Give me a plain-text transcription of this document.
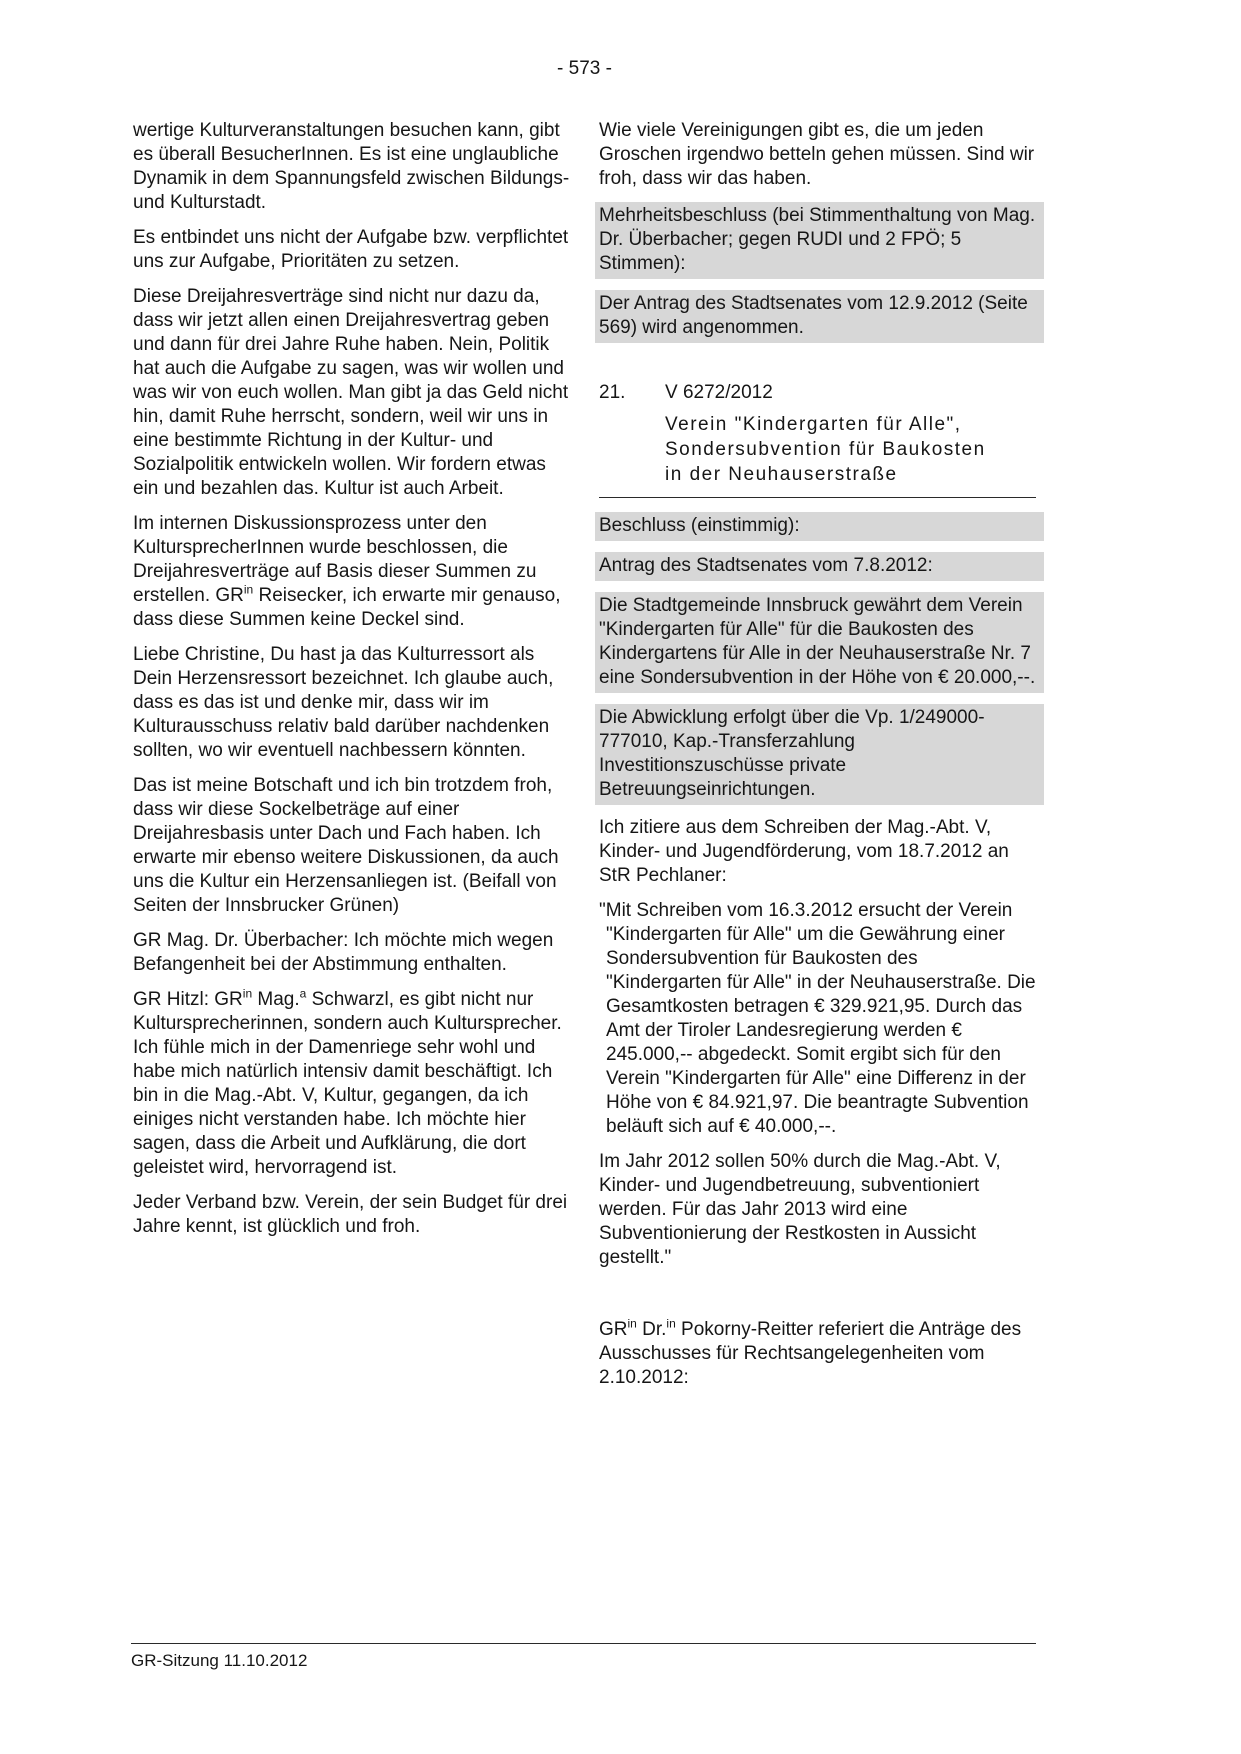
- 573 -

wertige Kulturveranstaltungen besuchen kann, gibt es überall BesucherInnen. Es ist eine unglaubliche Dynamik in dem Spannungsfeld zwischen Bildungs- und Kulturstadt.

Es entbindet uns nicht der Aufgabe bzw. verpflichtet uns zur Aufgabe, Prioritäten zu setzen.

Diese Dreijahresverträge sind nicht nur dazu da, dass wir jetzt allen einen Dreijahresvertrag geben und dann für drei Jahre Ruhe haben. Nein, Politik hat auch die Aufgabe zu sagen, was wir wollen und was wir von euch wollen. Man gibt ja das Geld nicht hin, damit Ruhe herrscht, sondern, weil wir uns in eine bestimmte Richtung in der Kultur- und Sozialpolitik entwickeln wollen. Wir fordern etwas ein und bezahlen das. Kultur ist auch Arbeit.

Im internen Diskussionsprozess unter den KultursprecherInnen wurde beschlossen, die Dreijahresverträge auf Basis dieser Summen zu erstellen. $GR^{in}$ Reisecker, ich erwarte mir genauso, dass diese Summen keine Deckel sind.

Liebe Christine, Du hast ja das Kulturressort als Dein Herzensressort bezeichnet. Ich glaube auch, dass es das ist und denke mir, dass wir im Kulturausschuss relativ bald darüber nachdenken sollten, wo wir eventuell nachbessern könnten.

Das ist meine Botschaft und ich bin trotzdem froh, dass wir diese Sockelbeträge auf einer Dreijahresbasis unter Dach und Fach haben. Ich erwarte mir ebenso weitere Diskussionen, da auch uns die Kultur ein Herzensanliegen ist. (Beifall von Seiten der Innsbrucker Grünen)

GR Mag. Dr. Überbacher: Ich möchte mich wegen Befangenheit bei der Abstimmung enthalten.

GR Hitzl: $GR^{in}$ Mag.$^a$ Schwarzl, es gibt nicht nur Kultursprecherinnen, sondern auch Kultursprecher. Ich fühle mich in der Damenriege sehr wohl und habe mich natürlich intensiv damit beschäftigt. Ich bin in die Mag.-Abt. V, Kultur, gegangen, da ich einiges nicht verstanden habe. Ich möchte hier sagen, dass die Arbeit und Aufklärung, die dort geleistet wird, hervorragend ist.

Jeder Verband bzw. Verein, der sein Budget für drei Jahre kennt, ist glücklich und froh.

Wie viele Vereinigungen gibt es, die um jeden Groschen irgendwo betteln gehen müssen. Sind wir froh, dass wir das haben.

Mehrheitsbeschluss (bei Stimmenthaltung von Mag. Dr. Überbacher; gegen RUDI und 2 FPÖ; 5 Stimmen):

Der Antrag des Stadtsenates vom 12.9.2012 (Seite 569) wird angenommen.

21.	V 6272/2012
Verein "Kindergarten für Alle",
Sondersubvention für Baukosten
in der Neuhauserstraße

Beschluss (einstimmig):

Antrag des Stadtsenates vom 7.8.2012:

Die Stadtgemeinde Innsbruck gewährt dem Verein "Kindergarten für Alle" für die Baukosten des Kindergartens für Alle in der Neuhauserstraße Nr. 7 eine Sondersubvention in der Höhe von € 20.000,--.

Die Abwicklung erfolgt über die Vp. 1/249000-777010, Kap.-Transferzahlung Investitionszuschüsse private Betreuungseinrichtungen.

Ich zitiere aus dem Schreiben der Mag.-Abt. V, Kinder- und Jugendförderung, vom 18.7.2012 an StR Pechlaner:

"Mit Schreiben vom 16.3.2012 ersucht der Verein "Kindergarten für Alle" um die Gewährung einer Sondersubvention für Baukosten des "Kindergarten für Alle" in der Neuhauserstraße. Die Gesamtkosten betragen € 329.921,95. Durch das Amt der Tiroler Landesregierung werden € 245.000,-- abgedeckt. Somit ergibt sich für den Verein "Kindergarten für Alle" eine Differenz in der Höhe von € 84.921,97. Die beantragte Subvention beläuft sich auf € 40.000,--.

Im Jahr 2012 sollen 50% durch die Mag.-Abt. V, Kinder- und Jugendbetreuung, subventioniert werden. Für das Jahr 2013 wird eine Subventionierung der Restkosten in Aussicht gestellt."

$GR^{in}$ Dr.$^{in}$ Pokorny-Reitter referiert die Anträge des Ausschusses für Rechtsangelegenheiten vom 2.10.2012:

GR-Sitzung 11.10.2012
